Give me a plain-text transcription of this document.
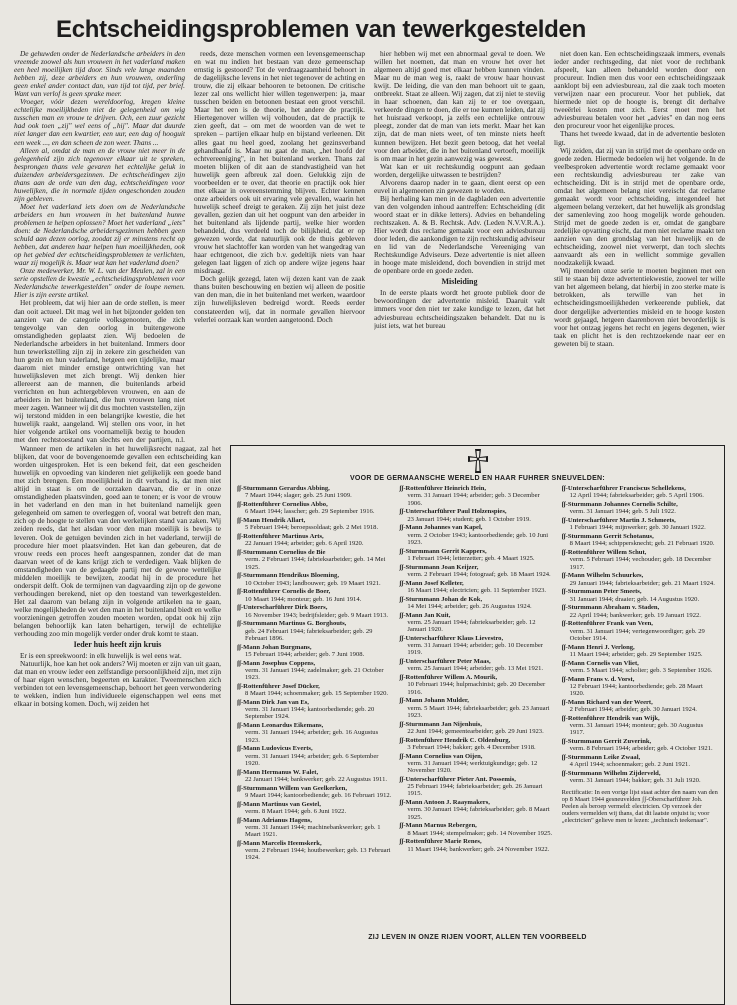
Echtscheidingsproblemen van tewerkgestelden

De gehuwden onder de Nederlandsche arbeiders in den vreemde zoowel als hun vrouwen in het vaderland maken een heel moeilijken tijd door. Sinds vele lange maanden hebben zij, deze arbeiders en hun vrouwen, onderling geen enkel ander contact dan, van tijd tot tijd, per brief. Want van verlof is geen sprake meer.

Vroeger, vóór dezen wereldoorlog, kregen kleine echtelijke moeilijkheden niet de gelegenheid om wig tusschen man en vrouw te drijven. Och, een zuur gezicht had ook toen „zij" wel eens of „hij". Maar dat duurde niet langer dan een kwartier, een uur, een dag of hooguit een week ..., en dan scheen de zon weer. Thans ...

Alleen al, omdat de man en de vrouw niet meer in de gelegenheid zijn zich tegenover elkaar uit te spreken, besprongen thans vele gevaren het echtelijke geluk in duizenden arbeidersgezinnen. De echtscheidingen zijn thans aan de orde van den dag, echtscheidingen voor huwelijken, die in normale tijden ongeschonden zouden zijn gebleven.

Moet het vaderland iets doen om de Nederlandsche arbeiders en hun vrouwen in het buitenland hunne problemen te helpen oplossen? Moet het vaderland „iets" doen: de Nederlandsche arbeidersgezinnen hebben geen schuld aan dezen oorlog, zoodat zij er minstens recht op hebben, dat anderen haar helpen hun moeilijkheden, ook op het gebied der echtscheidingsproblemen te verlichten, waar zij mogelijk is. Maar wat kan het vaderland doen?

Onze medewerker, Mr. W. L. van der Meulen, zal in een serie opstellen de kwestie „echtscheidingsproblemen voor Nederlandsche tewerkgestelden" onder de loupe nemen. Hier is zijn eerste artikel.

Het probleem, dat wij hier aan de orde stellen, is meer dan ooit actueel. Dit mag wel in het bijzonder gelden ten aanzien van de categorie volksgenooten, die zich tengevolge van den oorlog in buitengewone omstandigheden geplaatst zien. Wij bedoelen de Nederlandsche arbeiders in het buitenland. Immers door hun tewerkstelling zijn zij in zekere zin gescheiden van hun gezin en hun vaderland, hetgeen een tijdelijke, maar daarom niet minder ernstige ontwrichting van het huwelijksleven met zich brengt. Wij denken hier allereerst aan de mannen, die buitenlands arbeid verrichten en hun achtergebleven vrouwen, en aan de arbeiders in het buitenland, die hun vrouwen lang niet meer zagen. Wanneer wij dit dus mochten vaststellen, zijn wij terstond midden in een belangrijke kwestie, die het huwelijk raakt, aangeland. Wij stellen ons voor, in het hier volgende artikel ons voornamelijk bezig te houden met den rechtstoestand van slechts een der partijen, n.l.

reeds, deze menschen vormen een levensgemeenschap en wat nu indien het bestaan van deze gemeenschap ernstig is gestoord? Tot de verdraagzaamheid behoort in de dagelijksche levens in het niet tegenover de achting en trouw, die zij elkaar behooren te betoonen. De critische lezer zal ons wellicht hier willen tegenwerpen: ja, maar tusschen beiden en betoonen bestaat een groot verschil. Maar het een is de theorie, het andere de practijk. Hiertegenover willen wij volhouden, dat de practijk te zien geeft, dat – om met de woorden van de wet te spreken – partijen elkaar hulp en bijstand verleenen. Dit alles gaat nu heel goed, zoolang het gezinsverband gehandhaafd is. Maar nu gaat de man, „het hoofd der echtvereeniging", in het buitenland werken. Thans zal moeten blijken of dit aan de standvastigheid van het huwelijk geen afbreuk zal doen. Gelukkig zijn de voorbeelden er te over, dat theorie en practijk ook hier met elkaar in overeenstemming blijven. Echter kennen onze arbeiders ook uit ervaring vele gevallen, waarin het huwelijk scheef dreigt te geraken. Zij zijn het juist deze gevallen, gezien dan uit het oogpunt van den arbeider in het buitenland als lijdende partij, welke hier worden behandeld, dus verdeeld toch de bilijkheid, dat er op gewezen worde, dat natuurlijk ook de thuis gebleven vrouw het slachtoffer kan worden van het wangedrag van haar echtgenoot, die zich b.v. gedeltijk niets van haar gelegen laat liggen of zich op andere wijze jegens haar misdraagt.

Doch gelijk gezegd, laten wij dezen kant van de zaak thans buiten beschouwing en bezien wij alleen de positie van den man, die in het buitenland met werken, waardoor zijn huwelijksleven bedreigd wordt. Reeds eerder constateerden wij, dat in normale gevallen hiervoor velerlei oorzaak kan worden aangetoond. Doch

hier hebben wij met een abnormaal geval te doen. We willen het noemen, dat man en vrouw het over het algemeen altijd goed met elkaar hebben kunnen vinden. Maar nu de man weg is, raakt de vrouw haar houvast kwijt. De leiding, die van den man behoort uit te gaan, ontbreekt. Staat ze alleen. Wij zagen, dat zij niet te steviig in haar schoenen, dan kan zij te er toe overgaan, verkeerde dingen te doen, die er toe kunnen leiden, dat zij het huisraad verkoopt, ja zelfs een echtelijke ontrouw pleegt, zonder dat de man van iets merkt. Maar het kan zijn, dat de man niets weet, of ten minste niets heeft kunnen bewijzen. Het bezit geen betoog, dat het veelal voor den arbeider, die in het buitenland vertoeft, moeilijk is om maar in het gezin aanwezig was geweest.

Wat kan er uit rechtskundig oogpunt aan gedaan worden, dergelijke uitwassen te bestrijden?

Alvorens daarop nader in te gaan, dient eerst op een euvel in algemeenen zin gewezen te worden.

Bij herhaling kan men in de dagbladen een advertentie van den volgenden inhoud aantreffen: Echtscheiding (dit woord staat er in dikke letters). Advies en behandeling rechtszaken. A. & B. Rechtsk. Adv. (Leden N.V.V.R.A.). Hier wordt dus reclame gemaakt voor een adviesbureau door leden, die aankondigen te zijn rechtskundig adviseur en lid van de Nederlandsche Vereeniging van Rechtskundige Adviseurs. Deze advertentie is niet alleen in hooge mate misleidend, doch bovendien in strijd met de openbare orde en goede zeden.

Misleiding

In de eerste plaats wordt het groote publiek door de bewoordingen der advertentie misleid. Daaruit valt immers voor den niet ter zake kundige te lezen, dat het adviesbureau echtscheidingszaken behandelt. Dat nu is juist iets, wat het bureau

niet doen kan. Een echtscheidingszaak immers, evenals ieder ander rechtsgeding, dat niet voor de rechtbank afspeelt, kan alleen behandeld worden door een procureur. Indien men dus voor een echtscheidingszaak aanklopt bij een adviesbureau, zal die zaak toch moeten verwijzen naar een procureur. Voor het publiek, dat hiermede niet op de hoogte is, brengt dit derhalve tweeërlei kosten met zich. Eerst moet men het adviesbureau betalen voor het „advies" en dan nog eens den procureur voor het eigenlijke proces.

Thans het tweede kwaad, dat in de advertentie besloten ligt.

Wij zeiden, dat zij van in strijd met de openbare orde en goede zeden. Hiermede bedoelen wij het volgende. In de veelbesproken advertentie wordt reclame gemaakt voor een rechtskundig adviesbureau ter zake van echtscheiding. Dit is in strijd met de openbare orde, omdat het algemeen belang niet vereischt dat reclame gemaakt wordt voor echtscheiding, integendeel het algemeen belang verzekert, dat het huwelijk als grondslag der samenleving zoo hoog mogelijk worde gehouden. Strijd met de goede zeden is er, omdat de gangbare zedelijke opvatting eischt, dat men niet reclame maakt ten aanzien van den grondslag van het huwelijk en de echtscheiding, zoowel niet verwerpt, dan toch slechts aanvaardt als een in wellicht sommige gevallen noodzakelijk kwaad.

Wij meenden onze serie te moeten beginnen met een stil te staan bij deze advertentiekwestie, zoowel ter wille van het algemeen belang, dat hierbij in zoo sterke mate is betrokken, als terwille van het in echtscheidingsmoeilijkheden verkeerende publiek, dat door dergelijke advertenties misleid en te hooge kosten wordt gejaagd, hetgeen daarenboven niet bevorderlijk is voor het ontzag jegens het recht en jegens degenen, wier taak en plicht het is den rechtzoekende naar eer en geweten bij te staan.

Wanneer men de artikelen in het huwelijksrecht nagaat, zal het blijken, dat voor de bovengenoemde gevallen een echtscheiding kan worden uitgesproken. Het is een bekend feit, dat een gescheiden huwelijk en opvoeding van kinderen niet gelijkelijk een goede band met zich brengen. Een moeilijkheid in dit verband is, dat men niet altijd in staat is om de oorzaken daarvan, die er in onze omstandigheden plaatsvinden, goed aan te tonen; er is voor de vrouw in het vaderland en den man in het buitenland namelijk geen gelegenheid om samen te overleggen of, vooral wat betreft den man, zich op de hoogte te stellen van den werkelijken stand van zaken. Wij zeiden reeds, dat het alsdan voor den man moeilijk is bewijs te leveren. Ook de getuigen bevinden zich in het vaderland, terwijl de procedure hier moet plaatsvinden. Het kan dan gebeuren, dat de vrouw reeds een proces heeft aangespannen, zonder dat de man daarvan weet of de kans krijgt zich te verdedigen. Vaak blijken de omstandigheden van de gedaagde partij met de gewone wettelijke middelen moeilijk te bewijzen, zoodat hij in de procedure het onderspit delft. Ook de termijnen van dagvaarding zijn op de gewone verhoudingen berekend, niet op den toestand van tewerkgestelden. Het zal daarom van belang zijn in volgende artikelen na te gaan, welke mogelijkheden de wet den man in het buitenland biedt en welke voorzieningen getroffen zouden moeten worden, opdat ook hij zijn belangen behoorlijk kan laten behartigen, terwijl de echtelijke verhouding zoo min mogelijk verder onder druk komt te staan.

Ieder huis heeft zijn kruis

Er is een spreekwoord: in elk huwelijk is wel eens wat.

Natuurlijk, hoe kan het ook anders? Wij moeten er zijn van uit gaan, dat man en vrouw ieder een zelfstandige persoonlijkheid zijn, met zijn of haar eigen wenschen, begeerten en karakter. Tweemenschen zich verbinden tot een levensgemeenschap, behoort het geen verwondering te wekken, indien hun individueele eigenschappen wel eens met elkaar in botsing komen. Doch, wij zeiden het

VOOR DE GERMAANSCHE WERELD EN HAAR FUHRER SNEUVELDEN:
ʃʃ-Sturmmann Gerardus Abbing,
7 Maart 1944; slager; geb. 25 Juni 1909.
ʃʃ-Rottenführer Cornelius Abbo,
6 Maart 1944; lasscher; geb. 29 September 1916.
ʃʃ-Mann Hendrik Allart,
5 Februari 1944; beroepssoldaat; geb. 2 Mei 1918.
ʃʃ-Rottenführer Martinus Arts,
22 Januari 1944; arbeider; geb. 6 April 1920.
ʃʃ-Sturmmann Cornelius de Bie
verm. 2 Februari 1944; fabrieksarbeider; geb. 14 Mei 1925.
ʃʃ-Sturmmann Hendrikus Bloeming,
10 October 1943; landbouwer; geb. 19 Maart 1921.
ʃʃ-Rottenführer Cornelis de Boer,
10 Maart 1944; monteur; geb. 16 Juni 1914.
ʃʃ-Unterscharführer Dirk Boers,
16 November 1943; bedrijfsleider; geb. 9 Maart 1913.
ʃʃ-Sturmmann Martinus G. Borghouts,
geb. 24 Februari 1944; fabrieksarbeider; geb. 29 Februari 1896.
ʃʃ-Mann Johan Burgmans,
15 Februari 1944; arbeider; geb. 7 Juni 1908.
ʃʃ-Mann Josephus Coppens,
verm. 31 Januari 1944; zadelmaker; geb. 21 October 1923.
ʃʃ-Rottenführer Josef Dücker,
8 Maart 1944; schoenmaker; geb. 15 September 1920.
ʃʃ-Mann Dirk Jan van Es,
verm. 31 Januari 1944; kantoorbediende; geb. 20 September 1924.
ʃʃ-Mann Leonardus Eikemans,
verm. 31 Januari 1944; arbeider; geb. 16 Augustus 1923.
ʃʃ-Mann Ludovicus Everts,
verm. 31 Januari 1944; arbeider; geb. 6 September 1920.
ʃʃ-Mann Hermanus W. Falet,
22 Januari 1944; bankwerker; geb. 22 Augustus 1911.
ʃʃ-Sturmmann Willem van Geelkerken,
9 Maart 1944; kantoorbediende; geb. 16 Februari 1912.
ʃʃ-Mann Martinus van Gestel,
verm. 8 Maart 1944; geb. 6 Juni 1922.
ʃʃ-Mann Adrianus Hagens,
verm. 31 Januari 1944; machinebankwerker; geb. 1 Maart 1921.
ʃʃ-Mann Marcelis Heemskerk,
verm. 2 Februari 1944; houtbewerker; geb. 13 Februari 1924.
ʃʃ-Rottenführer Heinrich Hein,
verm. 31 Januari 1944; arbeider; geb. 3 December 1906.
ʃʃ-Unterscharführer Paul Holzenspies,
23 Januari 1944; student; geb. 1 October 1919.
ʃʃ-Mann Johannes van Kapel,
verm. 2 October 1943; kantoorbediende; geb. 10 Juni 1923.
ʃʃ-Sturmmann Gerrit Kappers,
1 Februari 1944; letterzetter; geb. 4 Maart 1925.
ʃʃ-Sturmmann Joan Keijzer,
verm. 2 Februari 1944; fotograaf; geb. 18 Maart 1924.
ʃʃ-Mann Josef Kelleter,
16 Maart 1944; electricien; geb. 11 September 1923.
ʃʃ-Sturmmann Johan de Kok,
14 Mei 1944; arbeider; geb. 26 Augustus 1924.
ʃʃ-Mann Jan Kuit,
verm. 25 Januari 1944; fabrieksarbeider; geb. 12 Januari 1920.
ʃʃ-Unterscharführer Klaus Lievestro,
verm. 31 Januari 1944; arbeider; geb. 10 December 1919.
ʃʃ-Unterscharführer Peter Maas,
verm. 25 Januari 1944; arbeider; geb. 13 Mei 1921.
ʃʃ-Rottenführer Willem A. Mourik,
10 Februari 1944; hulpmachinist; geb. 20 December 1916.
ʃʃ-Mann Johann Mulder,
verm. 5 Maart 1944; fabrieksarbeider; geb. 23 Januari 1923.
ʃʃ-Sturmmann Jan Nijenhuis,
22 Juni 1944; gemeentearbeider; geb. 29 Juni 1923.
ʃʃ-Rottenführer Hendrik C. Oldenburg,
3 Februari 1944; bakker; geb. 4 December 1918.
ʃʃ-Mann Cornelius van Oijen,
verm. 31 Januari 1944; werktuigkundige; geb. 12 November 1920.
ʃʃ-Unterscharführer Pieter Ant. Possemis,
25 Februari 1944; fabrieksarbeider; geb. 26 Januari 1915.
ʃʃ-Mann Antoon J. Raaymakers,
verm. 30 Januari 1944; fabrieksarbeider; geb. 8 Maart 1925.
ʃʃ-Mann Marnus Rebergen,
8 Maart 1944; stempelmaker; geb. 14 November 1925.
ʃʃ-Rottenführer Marie Renes,
11 Maart 1944; bankwerker; geb. 24 November 1922.
ʃʃ-Unterscharführer Franciscus Schellekens,
12 April 1944; fabrieksarbeider; geb. 5 April 1906.
ʃʃ-Sturmmann Johannes Cornelis Schilte,
verm. 31 Januari 1944; geb. 5 Juli 1922.
ʃʃ-Unterscharführer Martin J. Schmeets,
1 Februari 1944; mijnwerker; geb. 30 Januari 1922.
ʃʃ-Sturmmann Gerrit Schotanus,
8 Maart 1944; schippersknecht; geb. 21 Februari 1920.
ʃʃ-Rottenführer Willem Schut,
verm. 5 Februari 1944; vechouder; geb. 18 December 1917.
ʃʃ-Mann Wilhelm Schuurkes,
29 Januari 1944; fabrieksarbeider; geb. 21 Maart 1924.
ʃʃ-Sturmmann Peter Smeets,
31 Januari 1944; draaier; geb. 14 Augustus 1920.
ʃʃ-Sturmmann Abraham v. Staden,
22 April 1944; bankwerker; geb. 19 Januari 1922.
ʃʃ-Rottenführer Frank van Veen,
verm. 31 Januari 1944; vertegenwoordiger; geb. 29 October 1914.
ʃʃ-Mann Henri J. Verlong,
11 Maart 1944; arbeider; geb. 29 September 1925.
ʃʃ-Mann Cornelis van Vliet,
verm. 5 Maart 1944; scholier; geb. 3 September 1926.
ʃʃ-Mann Frans v. d. Vorst,
12 Februari 1944; kantoorbediende; geb. 28 Maart 1920.
ʃʃ-Mann Richard van der Weert,
2 Februari 1944; arbeider; geb. 30 Januari 1924.
ʃʃ-Rottenführer Hendrik van Wijk,
verm. 31 Januari 1944; monteur; geb. 30 Augustus 1917.
ʃʃ-Sturmmann Gerrit Zuverink,
verm. 8 Februari 1944; arbeider; geb. 4 October 1921.
ʃʃ-Sturmmann Leike Zwaal,
4 April 1944; schoenmaker; geb. 2 Juni 1921.
ʃʃ-Sturmmann Wilhelm Zijderveld,
verm. 31 Januari 1944; bakker; geb. 31 Juli 1920.
Rectificatie: In een vorige lijst staat achter den naam van den op 8 Maart 1944 gesneuvelden ʃʃ-Oberscharführer Joh. Peelen als beroep vermeld: electricien. Op verzoek der ouders vermelden wij thans, dat dit laatste onjuist is; voor „electricien" gelieve men te lezen: „technisch teekenaar".
ZIJ LEVEN IN ONZE RIJEN VOORT, ALLEN TEN VOORBEELD
